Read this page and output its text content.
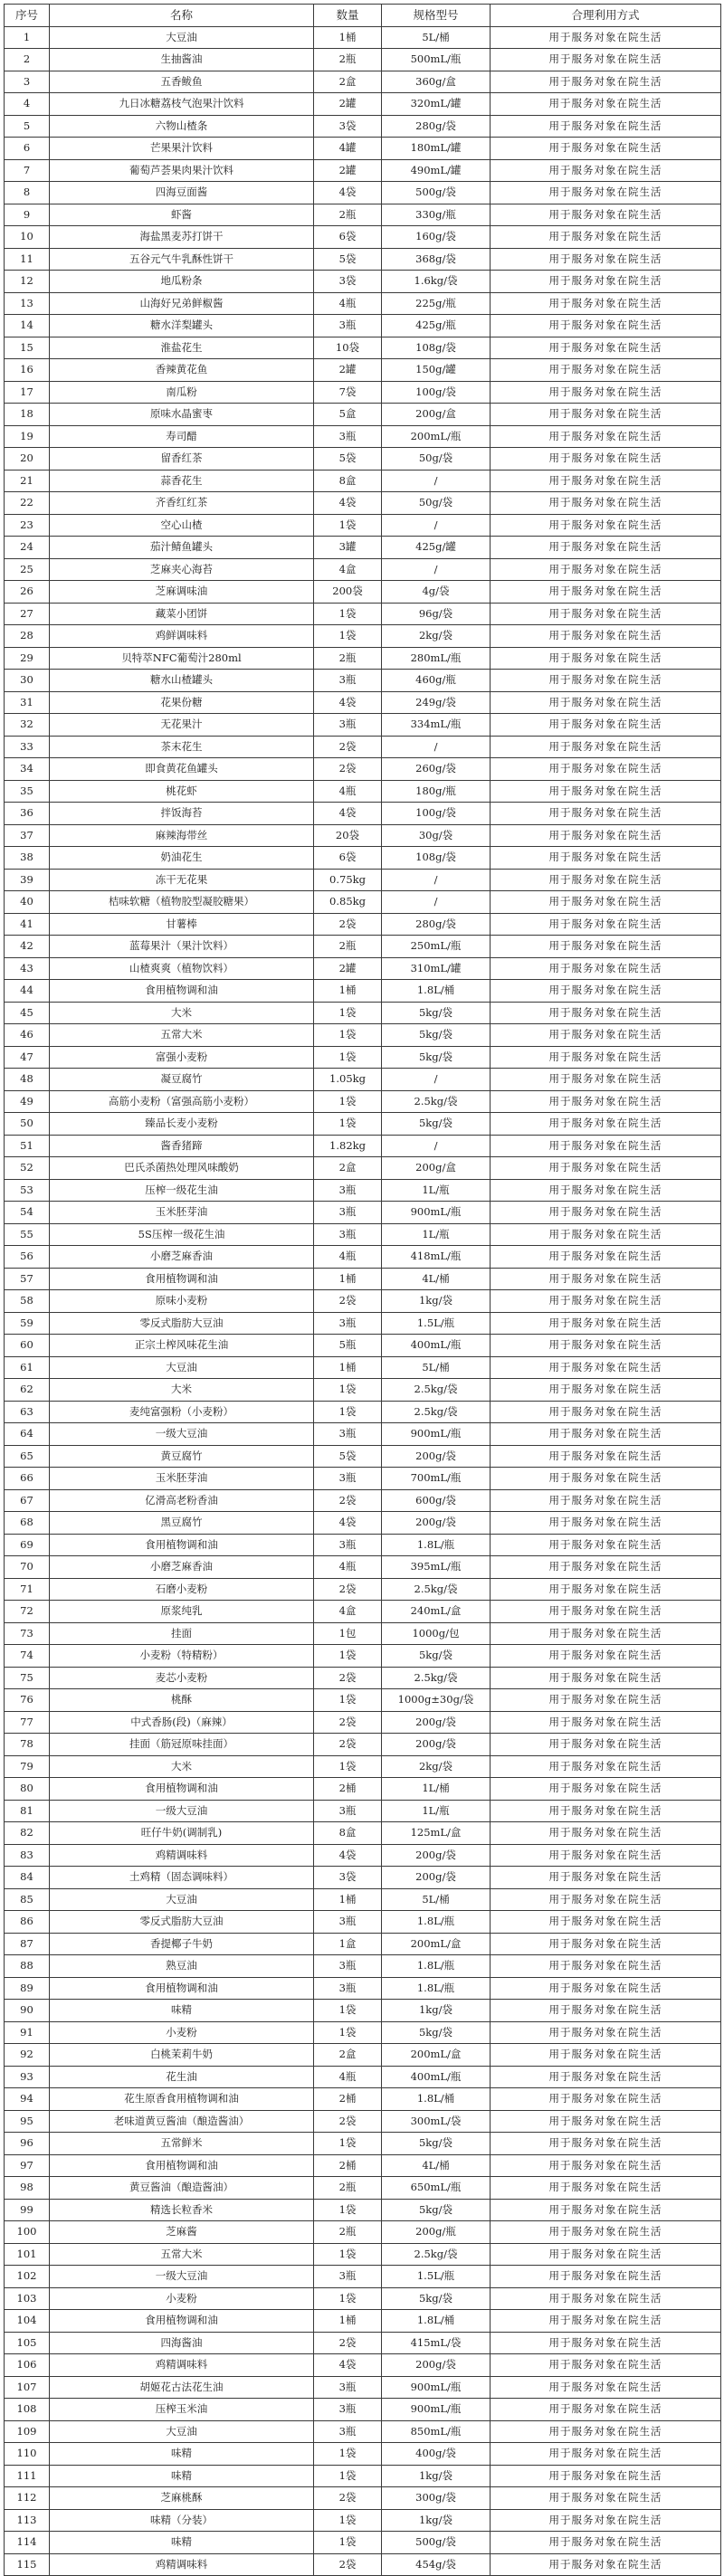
序号	名称	数量	规格型号	合理利用方式
1	大豆油	1桶	5L/桶	用于服务对象在院生活
2	生抽酱油	2瓶	500mL/瓶	用于服务对象在院生活
3	五香鲅鱼	2盒	360g/盒	用于服务对象在院生活
4	九日冰糖荔枝气泡果汁饮料	2罐	320mL/罐	用于服务对象在院生活
5	六物山楂条	3袋	280g/袋	用于服务对象在院生活
6	芒果果汁饮料	4罐	180mL/罐	用于服务对象在院生活
7	葡萄芦荟果肉果汁饮料	2罐	490mL/罐	用于服务对象在院生活
8	四海豆面酱	4袋	500g/袋	用于服务对象在院生活
9	虾酱	2瓶	330g/瓶	用于服务对象在院生活
10	海盐黑麦苏打饼干	6袋	160g/袋	用于服务对象在院生活
11	五谷元气牛乳酥性饼干	5袋	368g/袋	用于服务对象在院生活
12	地瓜粉条	3袋	1.6kg/袋	用于服务对象在院生活
13	山海好兄弟鲜椒酱	4瓶	225g/瓶	用于服务对象在院生活
14	糖水洋梨罐头	3瓶	425g/瓶	用于服务对象在院生活
15	淮盐花生	10袋	108g/袋	用于服务对象在院生活
16	香辣黄花鱼	2罐	150g/罐	用于服务对象在院生活
17	南瓜粉	7袋	100g/袋	用于服务对象在院生活
18	原味水晶蜜枣	5盒	200g/盒	用于服务对象在院生活
19	寿司醋	3瓶	200mL/瓶	用于服务对象在院生活
20	留香红茶	5袋	50g/袋	用于服务对象在院生活
21	蒜香花生	8盒	/	用于服务对象在院生活
22	齐香红红茶	4袋	50g/袋	用于服务对象在院生活
23	空心山楂	1袋	/	用于服务对象在院生活
24	茄汁鲭鱼罐头	3罐	425g/罐	用于服务对象在院生活
25	芝麻夹心海苔	4盒	/	用于服务对象在院生活
26	芝麻调味油	200袋	4g/袋	用于服务对象在院生活
27	藏菜小团饼	1袋	96g/袋	用于服务对象在院生活
28	鸡鲜调味料	1袋	2kg/袋	用于服务对象在院生活
29	贝特萃NFC葡萄汁280ml	2瓶	280mL/瓶	用于服务对象在院生活
30	糖水山楂罐头	3瓶	460g/瓶	用于服务对象在院生活
31	花果份糖	4袋	249g/袋	用于服务对象在院生活
32	无花果汁	3瓶	334mL/瓶	用于服务对象在院生活
33	茶末花生	2袋	/	用于服务对象在院生活
34	即食黄花鱼罐头	2袋	260g/袋	用于服务对象在院生活
35	桃花虾	4瓶	180g/瓶	用于服务对象在院生活
36	拌饭海苔	4袋	100g/袋	用于服务对象在院生活
37	麻辣海带丝	20袋	30g/袋	用于服务对象在院生活
38	奶油花生	6袋	108g/袋	用于服务对象在院生活
39	冻干无花果	0.75kg	/	用于服务对象在院生活
40	桔味软糖（植物胶型凝胶糖果）	0.85kg	/	用于服务对象在院生活
41	甘薯棒	2袋	280g/袋	用于服务对象在院生活
42	蓝莓果汁（果汁饮料）	2瓶	250mL/瓶	用于服务对象在院生活
43	山楂爽爽（植物饮料）	2罐	310mL/罐	用于服务对象在院生活
44	食用植物调和油	1桶	1.8L/桶	用于服务对象在院生活
45	大米	1袋	5kg/袋	用于服务对象在院生活
46	五常大米	1袋	5kg/袋	用于服务对象在院生活
47	富强小麦粉	1袋	5kg/袋	用于服务对象在院生活
48	凝豆腐竹	1.05kg	/	用于服务对象在院生活
49	高筋小麦粉（富强高筋小麦粉）	1袋	2.5kg/袋	用于服务对象在院生活
50	臻品长麦小麦粉	1袋	5kg/袋	用于服务对象在院生活
51	酱香猪蹄	1.82kg	/	用于服务对象在院生活
52	巴氏杀菌热处理风味酸奶	2盒	200g/盒	用于服务对象在院生活
53	压榨一级花生油	3瓶	1L/瓶	用于服务对象在院生活
54	玉米胚芽油	3瓶	900mL/瓶	用于服务对象在院生活
55	5S压榨一级花生油	3瓶	1L/瓶	用于服务对象在院生活
56	小磨芝麻香油	4瓶	418mL/瓶	用于服务对象在院生活
57	食用植物调和油	1桶	4L/桶	用于服务对象在院生活
58	原味小麦粉	2袋	1kg/袋	用于服务对象在院生活
59	零反式脂肪大豆油	3瓶	1.5L/瓶	用于服务对象在院生活
60	正宗土榨风味花生油	5瓶	400mL/瓶	用于服务对象在院生活
61	大豆油	1桶	5L/桶	用于服务对象在院生活
62	大米	1袋	2.5kg/袋	用于服务对象在院生活
63	麦纯富强粉（小麦粉）	1袋	2.5kg/袋	用于服务对象在院生活
64	一级大豆油	3瓶	900mL/瓶	用于服务对象在院生活
65	黄豆腐竹	5袋	200g/袋	用于服务对象在院生活
66	玉米胚芽油	3瓶	700mL/瓶	用于服务对象在院生活
67	亿滑高老粉香油	2袋	600g/袋	用于服务对象在院生活
68	黑豆腐竹	4袋	200g/袋	用于服务对象在院生活
69	食用植物调和油	3瓶	1.8L/瓶	用于服务对象在院生活
70	小磨芝麻香油	4瓶	395mL/瓶	用于服务对象在院生活
71	石磨小麦粉	2袋	2.5kg/袋	用于服务对象在院生活
72	原浆纯乳	4盒	240mL/盒	用于服务对象在院生活
73	挂面	1包	1000g/包	用于服务对象在院生活
74	小麦粉（特精粉）	1袋	5kg/袋	用于服务对象在院生活
75	麦芯小麦粉	2袋	2.5kg/袋	用于服务对象在院生活
76	桃酥	1袋	1000g±30g/袋	用于服务对象在院生活
77	中式香肠(段)（麻辣）	2袋	200g/袋	用于服务对象在院生活
78	挂面（筋冠原味挂面）	2袋	200g/袋	用于服务对象在院生活
79	大米	1袋	2kg/袋	用于服务对象在院生活
80	食用植物调和油	2桶	1L/桶	用于服务对象在院生活
81	一级大豆油	3瓶	1L/瓶	用于服务对象在院生活
82	旺仔牛奶(调制乳)	8盒	125mL/盒	用于服务对象在院生活
83	鸡精调味料	4袋	200g/袋	用于服务对象在院生活
84	土鸡精（固态调味料）	3袋	200g/袋	用于服务对象在院生活
85	大豆油	1桶	5L/桶	用于服务对象在院生活
86	零反式脂肪大豆油	3瓶	1.8L/瓶	用于服务对象在院生活
87	香提椰子牛奶	1盒	200mL/盒	用于服务对象在院生活
88	熟豆油	3瓶	1.8L/瓶	用于服务对象在院生活
89	食用植物调和油	3瓶	1.8L/瓶	用于服务对象在院生活
90	味精	1袋	1kg/袋	用于服务对象在院生活
91	小麦粉	1袋	5kg/袋	用于服务对象在院生活
92	白桃茉莉牛奶	2盒	200mL/盒	用于服务对象在院生活
93	花生油	4瓶	400mL/瓶	用于服务对象在院生活
94	花生原香食用植物调和油	2桶	1.8L/桶	用于服务对象在院生活
95	老味道黄豆酱油（酿造酱油）	2袋	300mL/袋	用于服务对象在院生活
96	五常鲜米	1袋	5kg/袋	用于服务对象在院生活
97	食用植物调和油	2桶	4L/桶	用于服务对象在院生活
98	黄豆酱油（酿造酱油）	2瓶	650mL/瓶	用于服务对象在院生活
99	精选长粒香米	1袋	5kg/袋	用于服务对象在院生活
100	芝麻酱	2瓶	200g/瓶	用于服务对象在院生活
101	五常大米	1袋	2.5kg/袋	用于服务对象在院生活
102	一级大豆油	3瓶	1.5L/瓶	用于服务对象在院生活
103	小麦粉	1袋	5kg/袋	用于服务对象在院生活
104	食用植物调和油	1桶	1.8L/桶	用于服务对象在院生活
105	四海酱油	2袋	415mL/袋	用于服务对象在院生活
106	鸡精调味料	4袋	200g/袋	用于服务对象在院生活
107	胡姬花古法花生油	3瓶	900mL/瓶	用于服务对象在院生活
108	压榨玉米油	3瓶	900mL/瓶	用于服务对象在院生活
109	大豆油	3瓶	850mL/瓶	用于服务对象在院生活
110	味精	1袋	400g/袋	用于服务对象在院生活
111	味精	1袋	1kg/袋	用于服务对象在院生活
112	芝麻桃酥	2袋	300g/袋	用于服务对象在院生活
113	味精（分装）	1袋	1kg/袋	用于服务对象在院生活
114	味精	1袋	500g/袋	用于服务对象在院生活
115	鸡精调味料	2袋	454g/袋	用于服务对象在院生活
